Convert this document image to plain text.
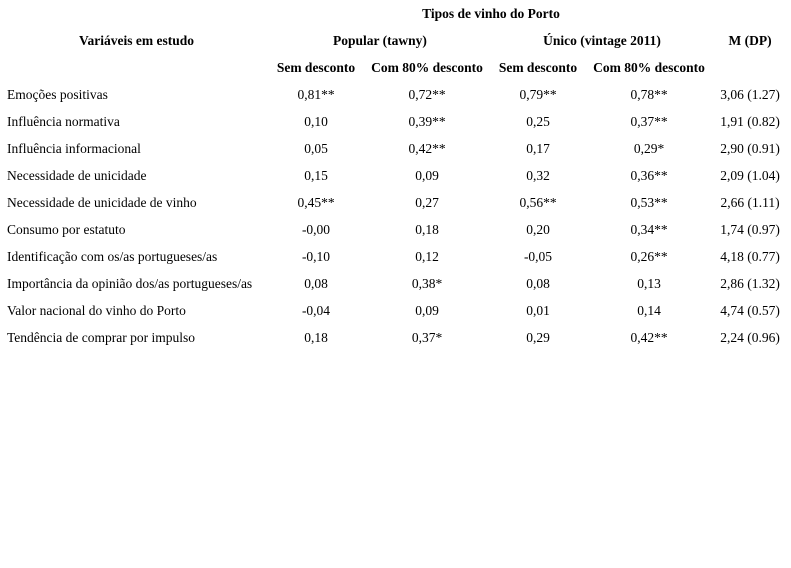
	Tipos de vinho do Porto				
Variáveis em estudo	Popular (tawny)		Único (vintage 2011)		M (DP)
	Sem desconto	Com 80% desconto	Sem desconto	Com 80% desconto	
Emoções positivas	0,81**	0,72**	0,79**	0,78**	3,06 (1.27)
Influência normativa	0,10	0,39**	0,25	0,37**	1,91 (0.82)
Influência informacional	0,05	0,42**	0,17	0,29*	2,90 (0.91)
Necessidade de unicidade	0,15	0,09	0,32	0,36**	2,09 (1.04)
Necessidade de unicidade de vinho	0,45**	0,27	0,56**	0,53**	2,66 (1.11)
Consumo por estatuto	-0,00	0,18	0,20	0,34**	1,74 (0.97)
Identificação com os/as portugueses/as	-0,10	0,12	-0,05	0,26**	4,18 (0.77)
Importância da opinião dos/as portugueses/as	0,08	0,38*	0,08	0,13	2,86 (1.32)
Valor nacional do vinho do Porto	-0,04	0,09	0,01	0,14	4,74 (0.57)
Tendência de comprar por impulso	0,18	0,37*	0,29	0,42**	2,24 (0.96)
